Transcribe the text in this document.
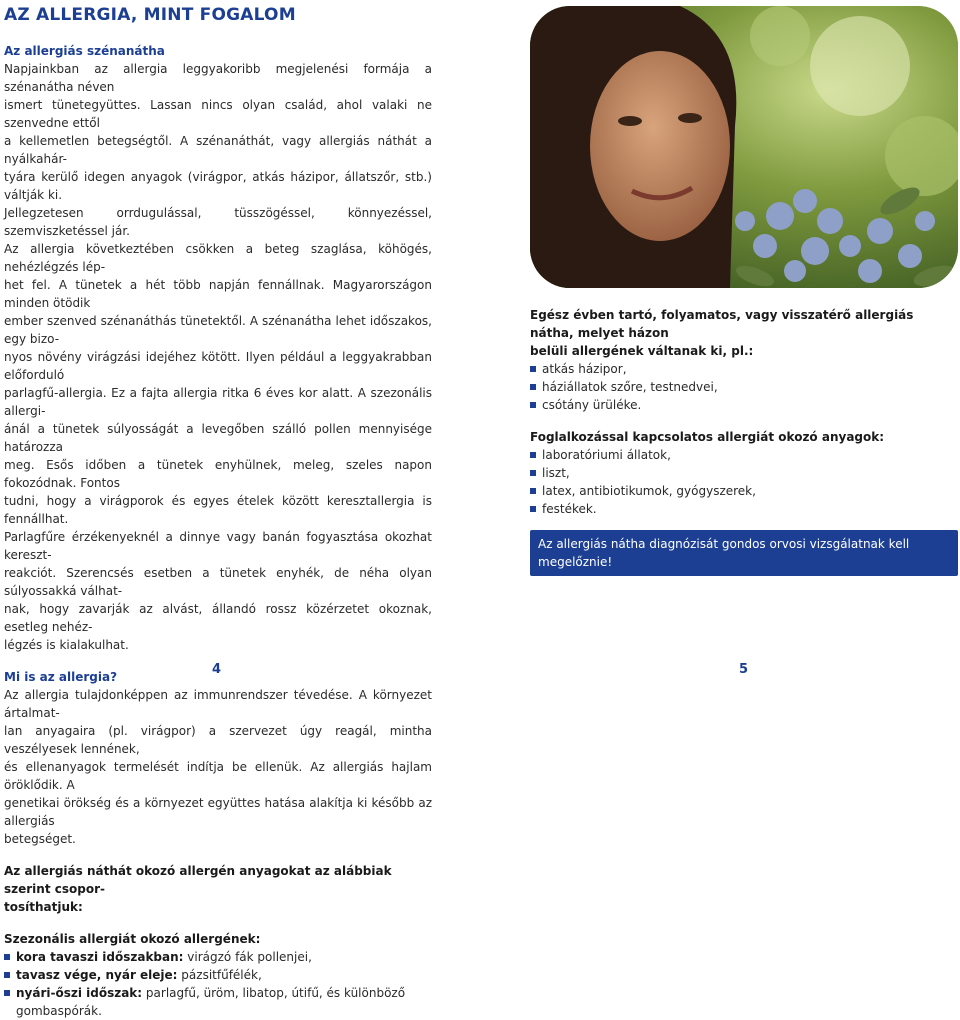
AZ ALLERGIA, MINT FOGALOM

Az allergiás szénanátha

Napjainkban az allergia leggyakoribb megjelenési formája a szénanátha néven
ismert tünetegyüttes. Lassan nincs olyan család, ahol valaki ne szenvedne ettől
a kellemetlen betegségtől. A szénanáthát, vagy allergiás náthát a nyálkahár-
tyára kerülő idegen anyagok (virágpor, atkás házipor, állatszőr, stb.) váltják ki.
Jellegzetesen orrdugulással, tüsszögéssel, könnyezéssel, szemviszketéssel jár.
Az allergia következtében csökken a beteg szaglása, köhögés, nehézlégzés lép-
het fel. A tünetek a hét több napján fennállnak. Magyarországon minden ötödik
ember szenved szénanáthás tünetektől. A szénanátha lehet időszakos, egy bizo-
nyos növény virágzási idejéhez kötött. Ilyen például a leggyakrabban előforduló
parlagfű-allergia. Ez a fajta allergia ritka 6 éves kor alatt. A szezonális allergi-
ánál a tünetek súlyosságát a levegőben szálló pollen mennyisége határozza
meg. Esős időben a tünetek enyhülnek, meleg, szeles napon fokozódnak. Fontos
tudni, hogy a virágporok és egyes ételek között keresztallergia is fennállhat.
Parlagfűre érzékenyeknél a dinnye vagy banán fogyasztása okozhat kereszt-
reakciót. Szerencsés esetben a tünetek enyhék, de néha olyan súlyossakká válhat-
nak, hogy zavarják az alvást, állandó rossz közérzetet okoznak, esetleg nehéz-
légzés is kialakulhat.

Mi is az allergia?

Az allergia tulajdonképpen az immunrendszer tévedése. A környezet ártalmat-
lan anyagaira (pl. virágpor) a szervezet úgy reagál, mintha veszélyesek lennének,
és ellenanyagok termelését indítja be ellenük. Az allergiás hajlam öröklődik. A
genetikai örökség és a környezet együttes hatása alakítja ki később az allergiás
betegséget.
Az allergiás náthát okozó allergén anyagokat az alábbiak szerint csopor-
tosíthatjuk:
Szezonális allergiát okozó allergének:
kora tavaszi időszakban: virágzó fák pollenjei,
tavasz vége, nyár eleje: pázsitfűfélék,
nyári-őszi időszak: parlagfű, üröm, libatop, útifű, és különböző gombaspórák.
Egész évben tartó, folyamatos, vagy visszatérő allergiás nátha, melyet házon
belüli allergének váltanak ki, pl.:
atkás házipor,
háziállatok szőre, testnedvei,
csótány ürüléke.
Foglalkozással kapcsolatos allergiát okozó anyagok:
laboratóriumi állatok,
liszt,
latex, antibiotikumok, gyógyszerek,
festékek.
Az allergiás nátha diagnózisát gondos orvosi vizsgálatnak kell megelőznie!
4	5
